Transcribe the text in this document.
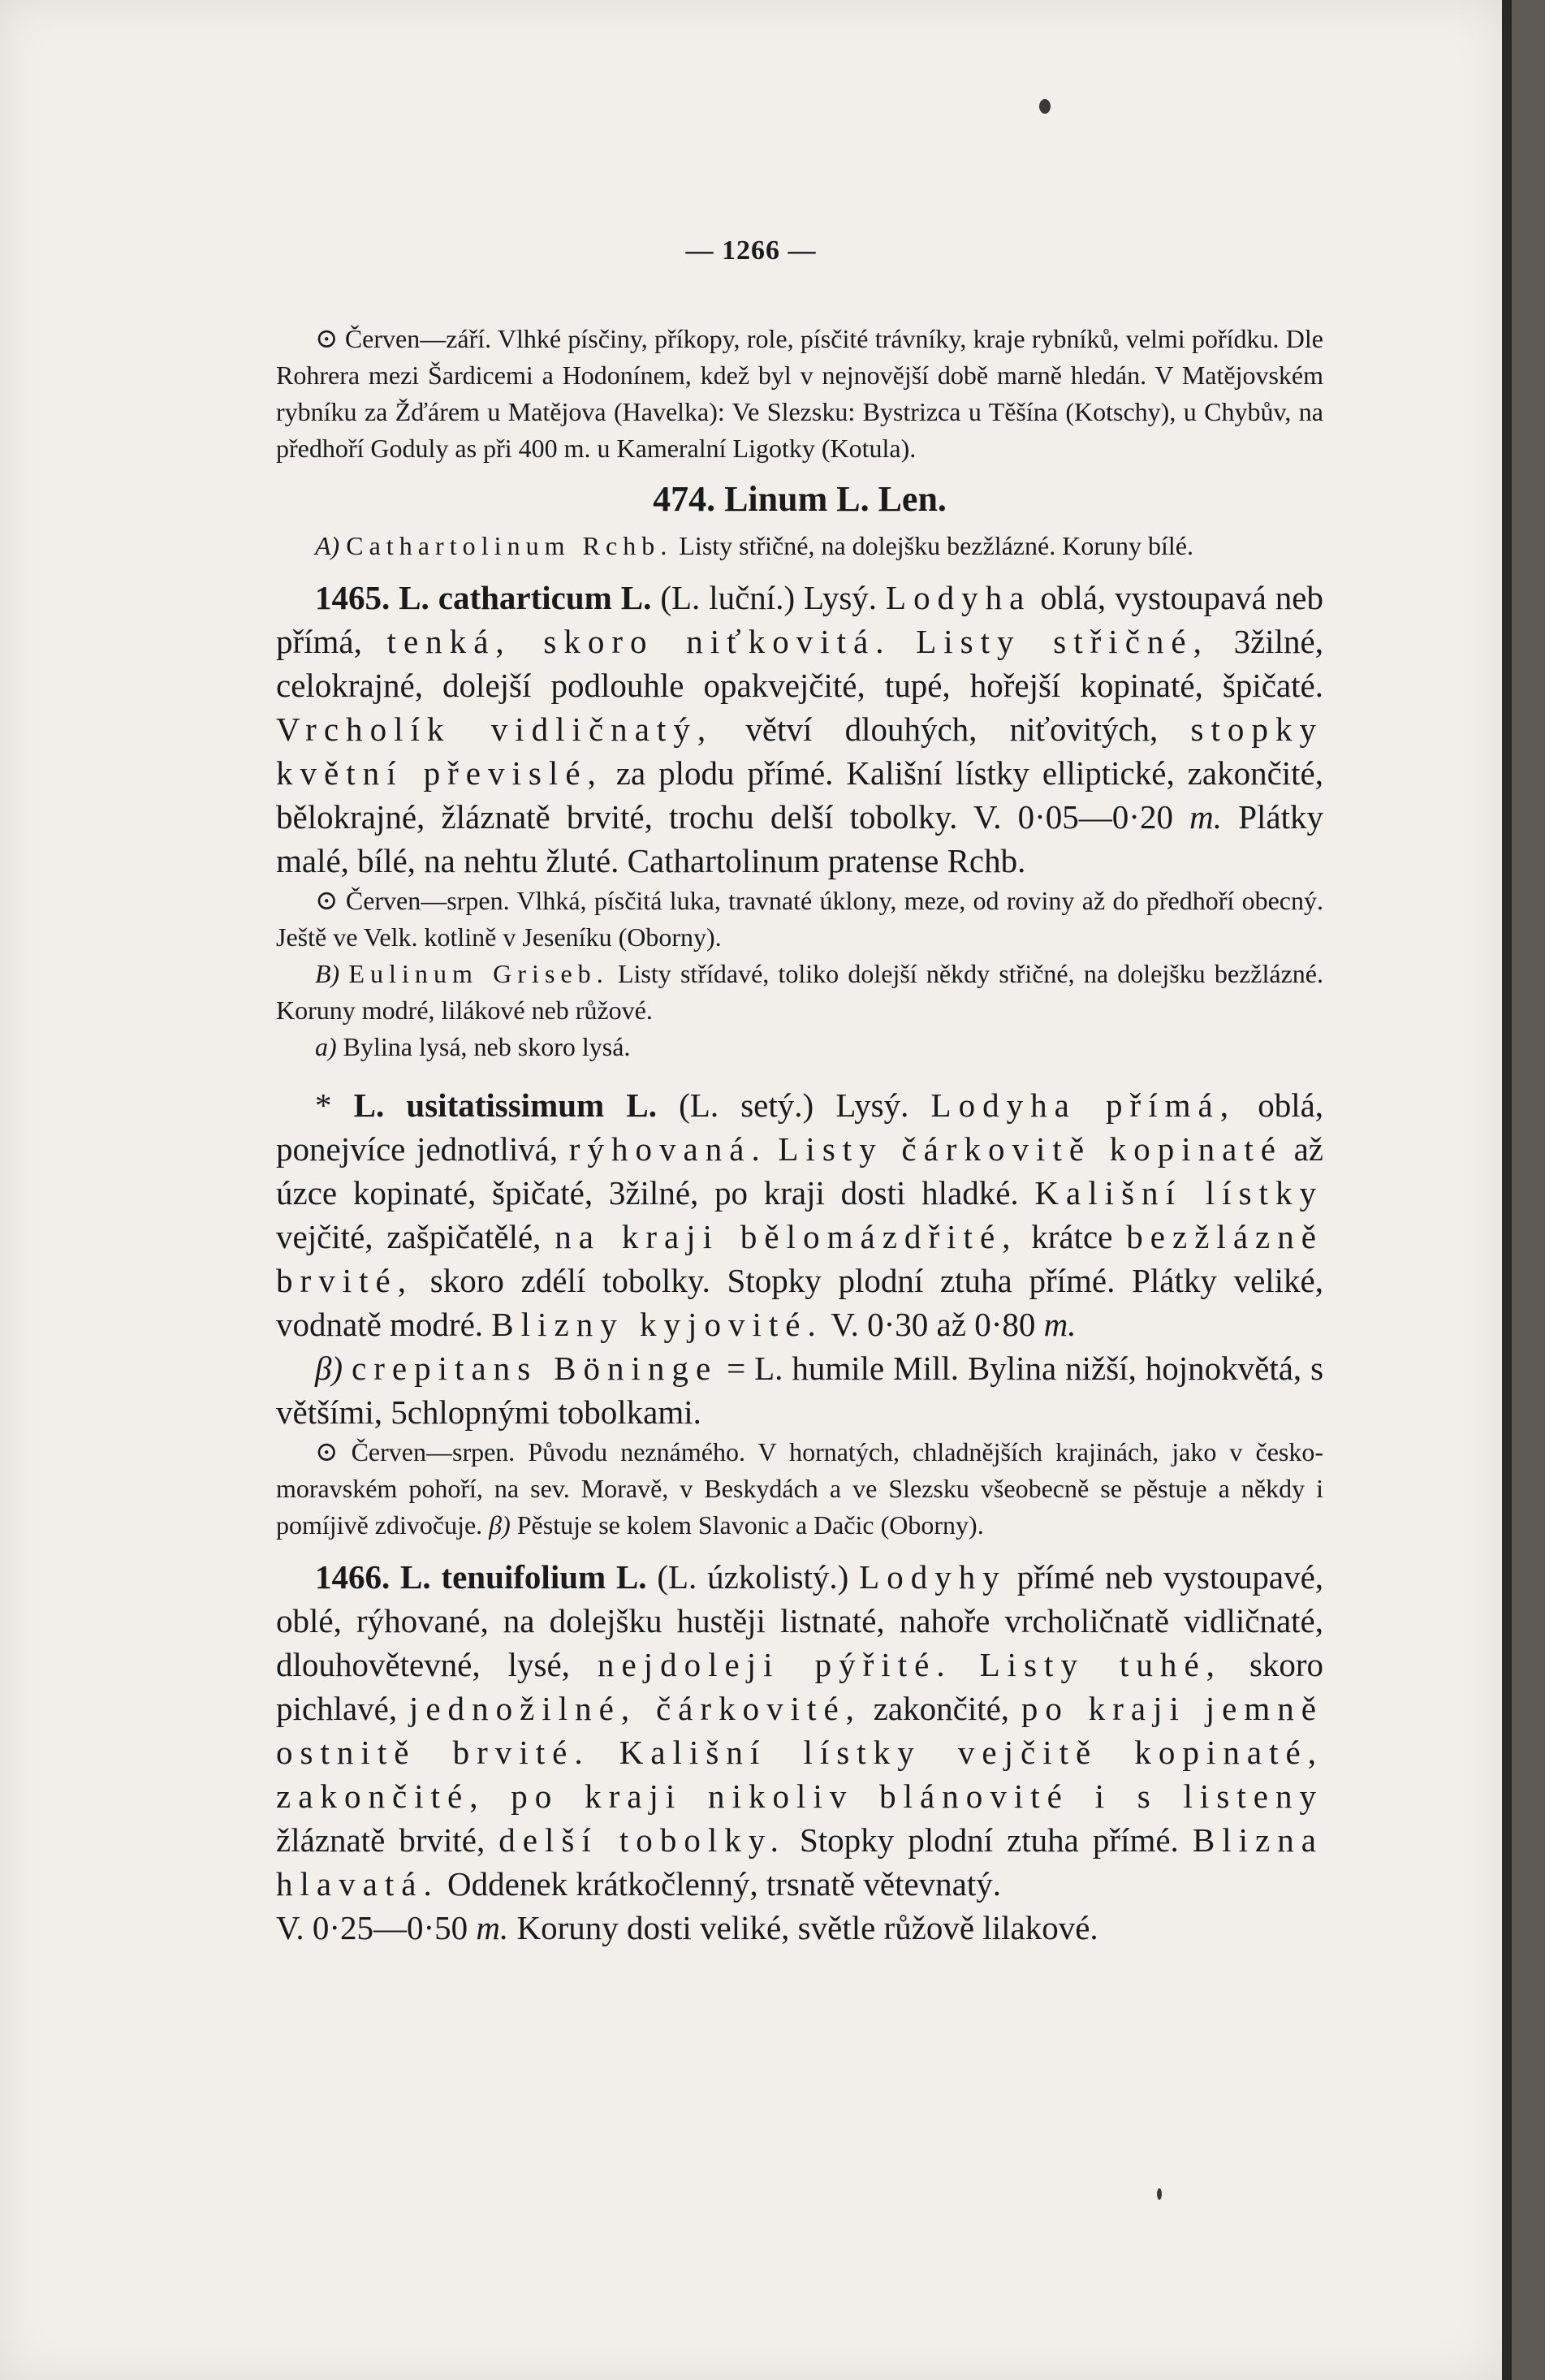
— 1266 —

⊙ Červen—září. Vlhké písčiny, příkopy, role, písčité trávníky, kraje rybníků, velmi pořídku. Dle Rohrera mezi Šardicemi a Hodonínem, kdež byl v nejnovější době marně hledán. V Matějovském rybníku za Žďárem u Matějova (Havelka): Ve Slezsku: Bystrizca u Těšína (Kotschy), u Chybův, na předhoří Goduly as při 400 m. u Kameralní Ligotky (Kotula).

474. Linum L. Len.

A) Cathartolinum Rchb. Listy střičné, na dolejšku bezžlázné. Koruny bílé.

1465. L. catharticum L. (L. luční.) Lysý. Lodyha oblá, vystoupavá neb přímá, tenká, skoro niťkovitá. Listy střičné, 3žilné, celokrajné, dolejší podlouhle opakvejčité, tupé, hořejší kopinaté, špičaté. Vrcholík vidličnatý, větví dlouhých, niťovitých, stopky květní převislé, za plodu přímé. Kališní lístky elliptické, zakončité, bělokrajné, žláznatě brvité, trochu delší tobolky. V. 0·05—0·20 m. Plátky malé, bílé, na nehtu žluté. Cathartolinum pratense Rchb.

⊙ Červen—srpen. Vlhká, písčitá luka, travnaté úklony, meze, od roviny až do předhoří obecný. Ještě ve Velk. kotlině v Jeseníku (Oborny).

B) Eulinum Griseb. Listy střídavé, toliko dolejší někdy střičné, na dolejšku bezžlázné. Koruny modré, lilákové neb růžové.

a) Bylina lysá, neb skoro lysá.

* L. usitatissimum L. (L. setý.) Lysý. Lodyha přímá, oblá, ponejvíce jednotlivá, rýhovaná. Listy čárkovitě kopinaté až úzce kopinaté, špičaté, 3žilné, po kraji dosti hladké. Kališní lístky vejčité, zašpičatělé, na kraji bělomázdřité, krátce bezžlázně brvité, skoro zdélí tobolky. Stopky plodní ztuha přímé. Plátky veliké, vodnatě modré. Blizny kyjovité. V. 0·30 až 0·80 m.

β) crepitans Böninge = L. humile Mill. Bylina nižší, hojnokvětá, s většími, 5chlopnými tobolkami.

⊙ Červen—srpen. Původu neznámého. V hornatých, chladnějších krajinách, jako v česko-moravském pohoří, na sev. Moravě, v Beskydách a ve Slezsku všeobecně se pěstuje a někdy i pomíjivě zdivočuje. β) Pěstuje se kolem Slavonic a Dačic (Oborny).

1466. L. tenuifolium L. (L. úzkolistý.) Lodyhy přímé neb vystoupavé, oblé, rýhované, na dolejšku hustěji listnaté, nahoře vrcholičnatě vidličnaté, dlouhovětevné, lysé, nejdoleji pýřité. Listy tuhé, skoro pichlavé, jednožilné, čárkovité, zakončité, po kraji jemně ostnitě brvité. Kališní lístky vejčitě kopinaté, zakončité, po kraji nikoliv blánovité i s listeny žláznatě brvité, delší tobolky. Stopky plodní ztuha přímé. Blizna hlavatá. Oddenek krátkočlenný, trsnatě větevnatý.
V. 0·25—0·50 m. Koruny dosti veliké, světle růžově lilakové.
